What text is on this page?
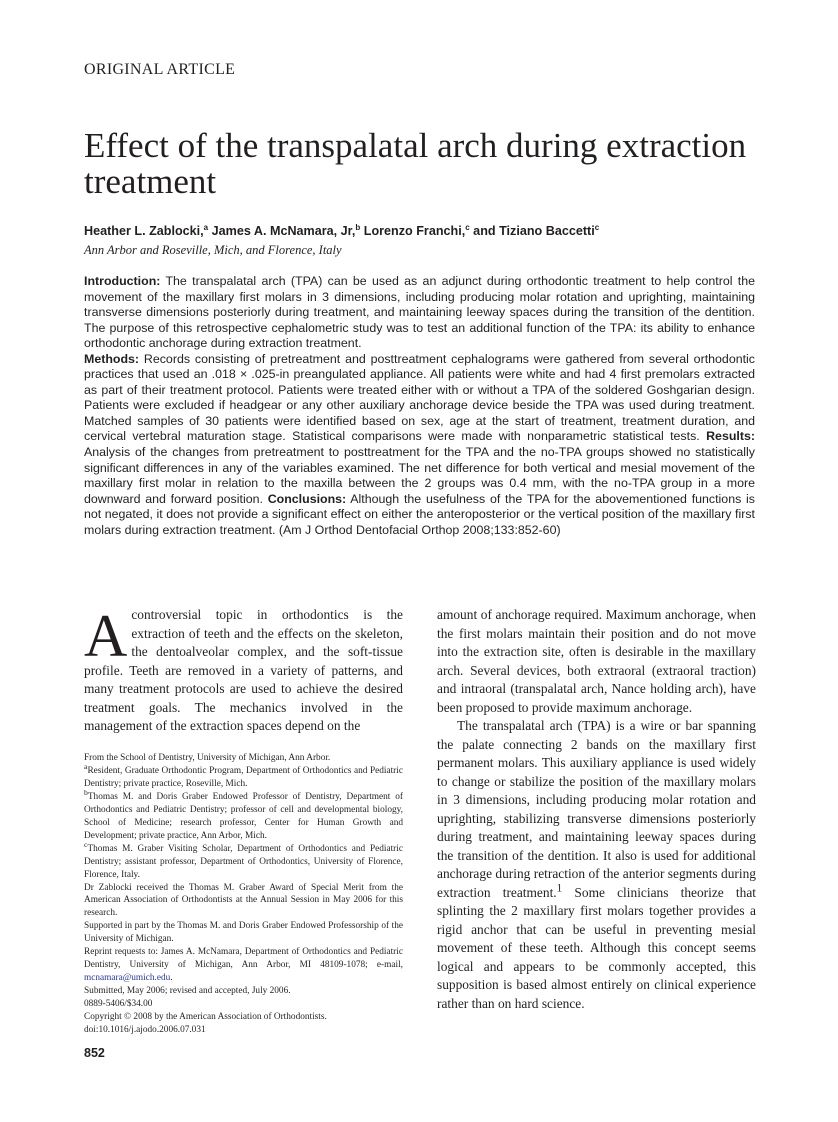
ORIGINAL ARTICLE
Effect of the transpalatal arch during extraction treatment
Heather L. Zablocki,$^a$ James A. McNamara, Jr,$^b$ Lorenzo Franchi,$^c$ and Tiziano Baccetti$^c$
Ann Arbor and Roseville, Mich, and Florence, Italy
Introduction: The transpalatal arch (TPA) can be used as an adjunct during orthodontic treatment to help control the movement of the maxillary first molars in 3 dimensions, including producing molar rotation and uprighting, maintaining transverse dimensions posteriorly during treatment, and maintaining leeway spaces during the transition of the dentition. The purpose of this retrospective cephalometric study was to test an additional function of the TPA: its ability to enhance orthodontic anchorage during extraction treatment.
Methods: Records consisting of pretreatment and posttreatment cephalograms were gathered from several orthodontic practices that used an .018 × .025-in preangulated appliance. All patients were white and had 4 first premolars extracted as part of their treatment protocol. Patients were treated either with or without a TPA of the soldered Goshgarian design. Patients were excluded if headgear or any other auxiliary anchorage device beside the TPA was used during treatment. Matched samples of 30 patients were identified based on sex, age at the start of treatment, treatment duration, and cervical vertebral maturation stage. Statistical comparisons were made with nonparametric statistical tests. Results: Analysis of the changes from pretreatment to posttreatment for the TPA and the no-TPA groups showed no statistically significant differences in any of the variables examined. The net difference for both vertical and mesial movement of the maxillary first molar in relation to the maxilla between the 2 groups was 0.4 mm, with the no-TPA group in a more downward and forward position. Conclusions: Although the usefulness of the TPA for the abovementioned functions is not negated, it does not provide a significant effect on either the anteroposterior or the vertical position of the maxillary first molars during extraction treatment. (Am J Orthod Dentofacial Orthop 2008;133:852-60)
Acontroversial topic in orthodontics is the extraction of teeth and the effects on the skeleton, the dentoalveolar complex, and the soft-tissue profile. Teeth are removed in a variety of patterns, and many treatment protocols are used to achieve the desired treatment goals. The mechanics involved in the management of the extraction spaces depend on the

amount of anchorage required. Maximum anchorage, when the first molars maintain their position and do not move into the extraction site, often is desirable in the maxillary arch. Several devices, both extraoral (extraoral traction) and intraoral (transpalatal arch, Nance holding arch), have been proposed to provide maximum anchorage.

The transpalatal arch (TPA) is a wire or bar spanning the palate connecting 2 bands on the maxillary first permanent molars. This auxiliary appliance is used widely to change or stabilize the position of the maxillary molars in 3 dimensions, including producing molar rotation and uprighting, stabilizing transverse dimensions posteriorly during treatment, and maintaining leeway spaces during the transition of the dentition. It also is used for additional anchorage during retraction of the anterior segments during extraction treatment.$^1$ Some clinicians theorize that splinting the 2 maxillary first molars together provides a rigid anchor that can be useful in preventing mesial movement of these teeth. Although this concept seems logical and appears to be commonly accepted, this supposition is based almost entirely on clinical experience rather than on hard science.

From the School of Dentistry, University of Michigan, Ann Arbor.
$^a$Resident, Graduate Orthodontic Program, Department of Orthodontics and Pediatric Dentistry; private practice, Roseville, Mich.
$^b$Thomas M. and Doris Graber Endowed Professor of Dentistry, Department of Orthodontics and Pediatric Dentistry; professor of cell and developmental biology, School of Medicine; research professor, Center for Human Growth and Development; private practice, Ann Arbor, Mich.
$^c$Thomas M. Graber Visiting Scholar, Department of Orthodontics and Pediatric Dentistry; assistant professor, Department of Orthodontics, University of Florence, Florence, Italy.
Dr Zablocki received the Thomas M. Graber Award of Special Merit from the American Association of Orthodontists at the Annual Session in May 2006 for this research.
Supported in part by the Thomas M. and Doris Graber Endowed Professorship of the University of Michigan.
Reprint requests to: James A. McNamara, Department of Orthodontics and Pediatric Dentistry, University of Michigan, Ann Arbor, MI 48109-1078; e-mail, mcnamara@umich.edu.
Submitted, May 2006; revised and accepted, July 2006.
0889-5406/$34.00
Copyright © 2008 by the American Association of Orthodontists.
doi:10.1016/j.ajodo.2006.07.031
852
